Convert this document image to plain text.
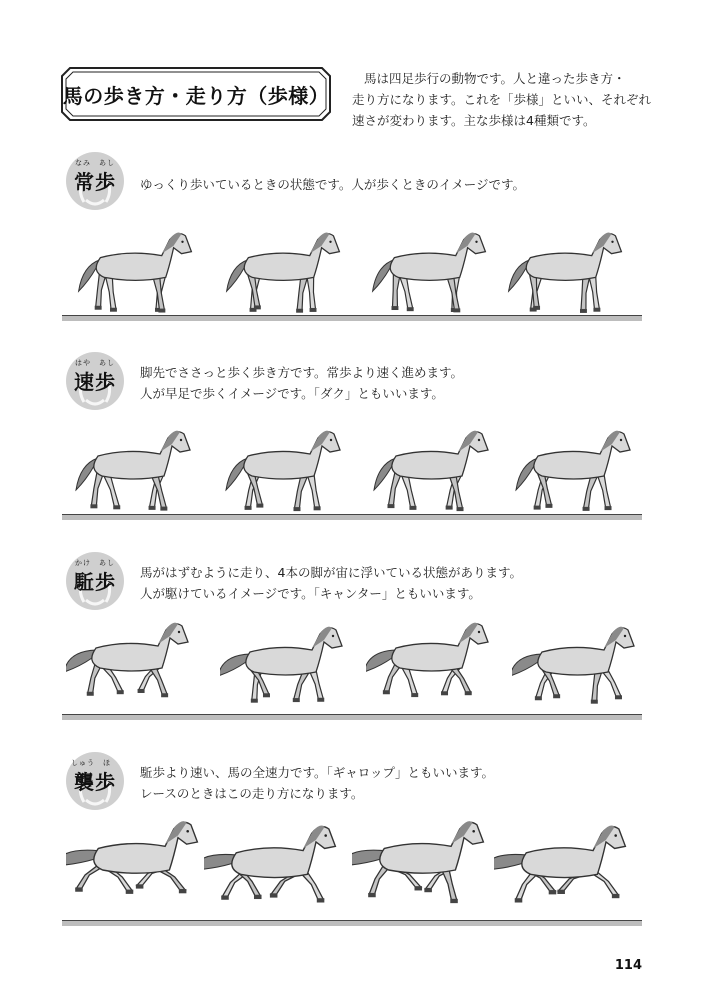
馬の歩き方・走り方（歩様）
馬は四足歩行の動物です。人と違った歩き方・
走り方になります。これを「歩様」といい、それぞれ
速さが変わります。主な歩様は4種類です。
なみ あし
常歩	ゆっくり歩いているときの状態です。人が歩くときのイメージです。
はや あし
速歩	脚先でささっと歩く歩き方です。常歩より速く進めます。
人が早足で歩くイメージです。「ダク」ともいいます。
かけ あし
駈歩	馬がはずむように走り、4本の脚が宙に浮いている状態があります。
人が駆けているイメージです。「キャンター」ともいいます。
しゅう ほ
襲歩	駈歩より速い、馬の全速力です。「ギャロップ」ともいいます。
レースのときはこの走り方になります。
114
